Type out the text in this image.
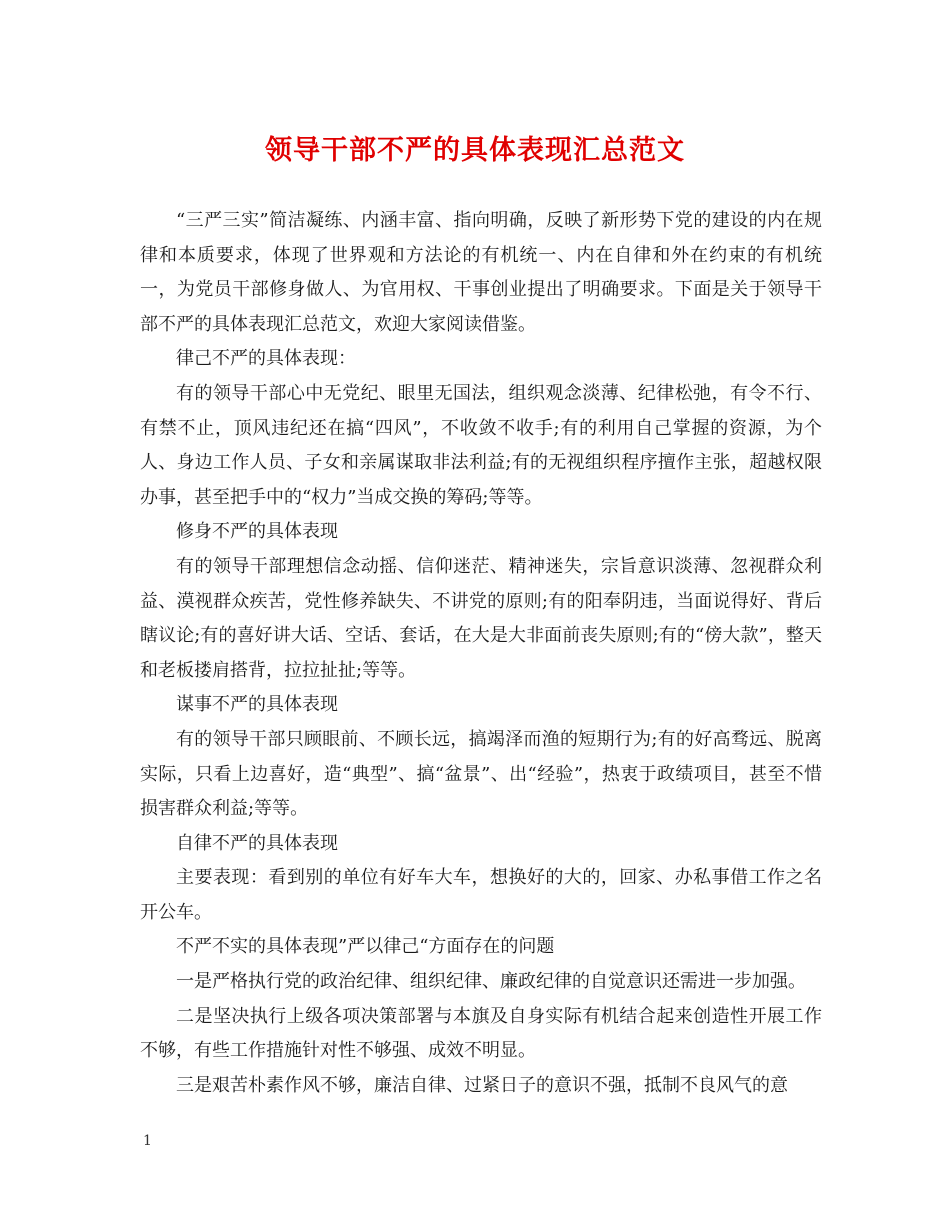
领导干部不严的具体表现汇总范文

“三严三实”简洁凝练、内涵丰富、指向明确，反映了新形势下党的建设的内在规律和本质要求，体现了世界观和方法论的有机统一、内在自律和外在约束的有机统一，为党员干部修身做人、为官用权、干事创业提出了明确要求。下面是关于领导干部不严的具体表现汇总范文，欢迎大家阅读借鉴。

律己不严的具体表现：

有的领导干部心中无党纪、眼里无国法，组织观念淡薄、纪律松弛，有令不行、有禁不止，顶风违纪还在搞“四风”，不收敛不收手;有的利用自己掌握的资源，为个人、身边工作人员、子女和亲属谋取非法利益;有的无视组织程序擅作主张，超越权限办事，甚至把手中的“权力”当成交换的筹码;等等。

修身不严的具体表现

有的领导干部理想信念动摇、信仰迷茫、精神迷失，宗旨意识淡薄、忽视群众利益、漠视群众疾苦，党性修养缺失、不讲党的原则;有的阳奉阴违，当面说得好、背后瞎议论;有的喜好讲大话、空话、套话，在大是大非面前丧失原则;有的“傍大款”，整天和老板搂肩搭背，拉拉扯扯;等等。

谋事不严的具体表现

有的领导干部只顾眼前、不顾长远，搞竭泽而渔的短期行为;有的好高骛远、脱离实际，只看上边喜好，造“典型”、搞“盆景”、出“经验”，热衷于政绩项目，甚至不惜损害群众利益;等等。

自律不严的具体表现

主要表现：看到别的单位有好车大车，想换好的大的，回家、办私事借工作之名开公车。

不严不实的具体表现”严以律己“方面存在的问题

一是严格执行党的政治纪律、组织纪律、廉政纪律的自觉意识还需进一步加强。

二是坚决执行上级各项决策部署与本旗及自身实际有机结合起来创造性开展工作不够，有些工作措施针对性不够强、成效不明显。

三是艰苦朴素作风不够，廉洁自律、过紧日子的意识不强，抵制不良风气的意

1
